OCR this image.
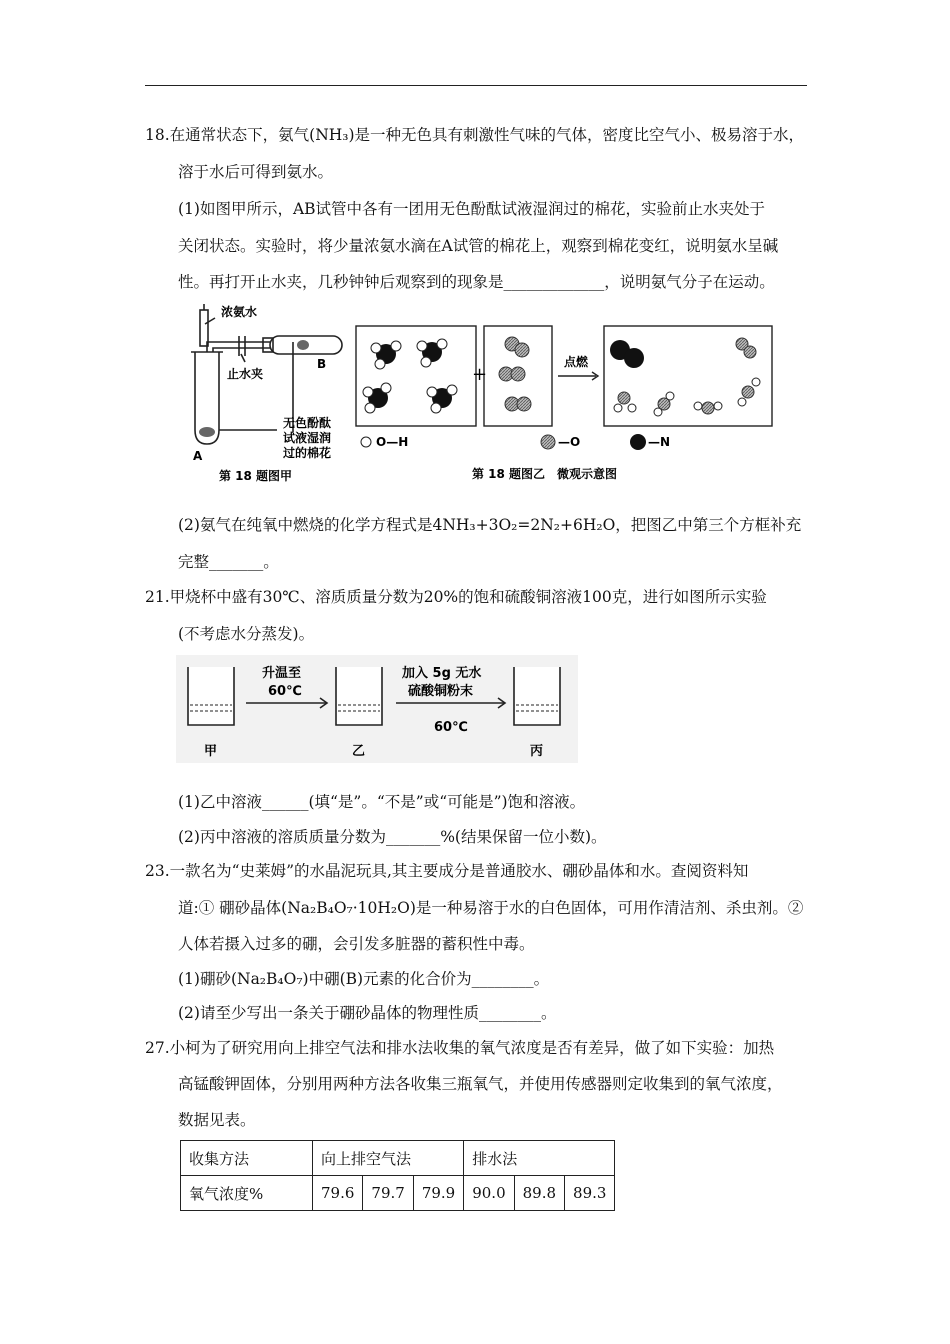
18.在通常状态下，氨气(NH₃)是一种无色具有刺激性气味的气体，密度比空气小、极易溶于水，
溶于水后可得到氨水。
(1)如图甲所示，AB试管中各有一团用无色酚酞试液湿润过的棉花，实验前止水夹处于
关闭状态。实验时，将少量浓氨水滴在A试管的棉花上，观察到棉花变红，说明氨水呈碱
性。再打开止水夹，几秒钟钟后观察到的现象是_____________，说明氨气分子在运动。
浓氨水
止水夹
B
A
无色酚酞
试液湿润
过的棉花
第 18 题图甲
+
点燃
O—H	—O	—N
第 18 题图乙　微观示意图
(2)氨气在纯氧中燃烧的化学方程式是4NH₃+3O₂=2N₂+6H₂O，把图乙中第三个方框补充
完整_______。
21.甲烧杯中盛有30℃、溶质质量分数为20%的饱和硫酸铜溶液100克，进行如图所示实验
(不考虑水分蒸发)。
升温至
60℃
加入 5g 无水
硫酸铜粉末
60℃
甲	乙	丙
(1)乙中溶液______(填“是”。“不是”或“可能是”)饱和溶液。
(2)丙中溶液的溶质质量分数为_______%(结果保留一位小数)。
23.一款名为“史莱姆”的水晶泥玩具,其主要成分是普通胶水、硼砂晶体和水。查阅资料知
道:① 硼砂晶体(Na₂B₄O₇·10H₂O)是一种易溶于水的白色固体，可用作清洁剂、杀虫剂。②
人体若摄入过多的硼，会引发多脏器的蓄积性中毒。
(1)硼砂(Na₂B₄O₇)中硼(B)元素的化合价为________。
(2)请至少写出一条关于硼砂晶体的物理性质________。
27.小柯为了研究用向上排空气法和排水法收集的氧气浓度是否有差异，做了如下实验：加热
高锰酸钾固体，分别用两种方法各收集三瓶氧气，并使用传感器则定收集到的氧气浓度，
数据见表。
收集方法	向上排空气法			排水法		
氧气浓度%	79.6	79.7	79.9	90.0	89.8	89.3
